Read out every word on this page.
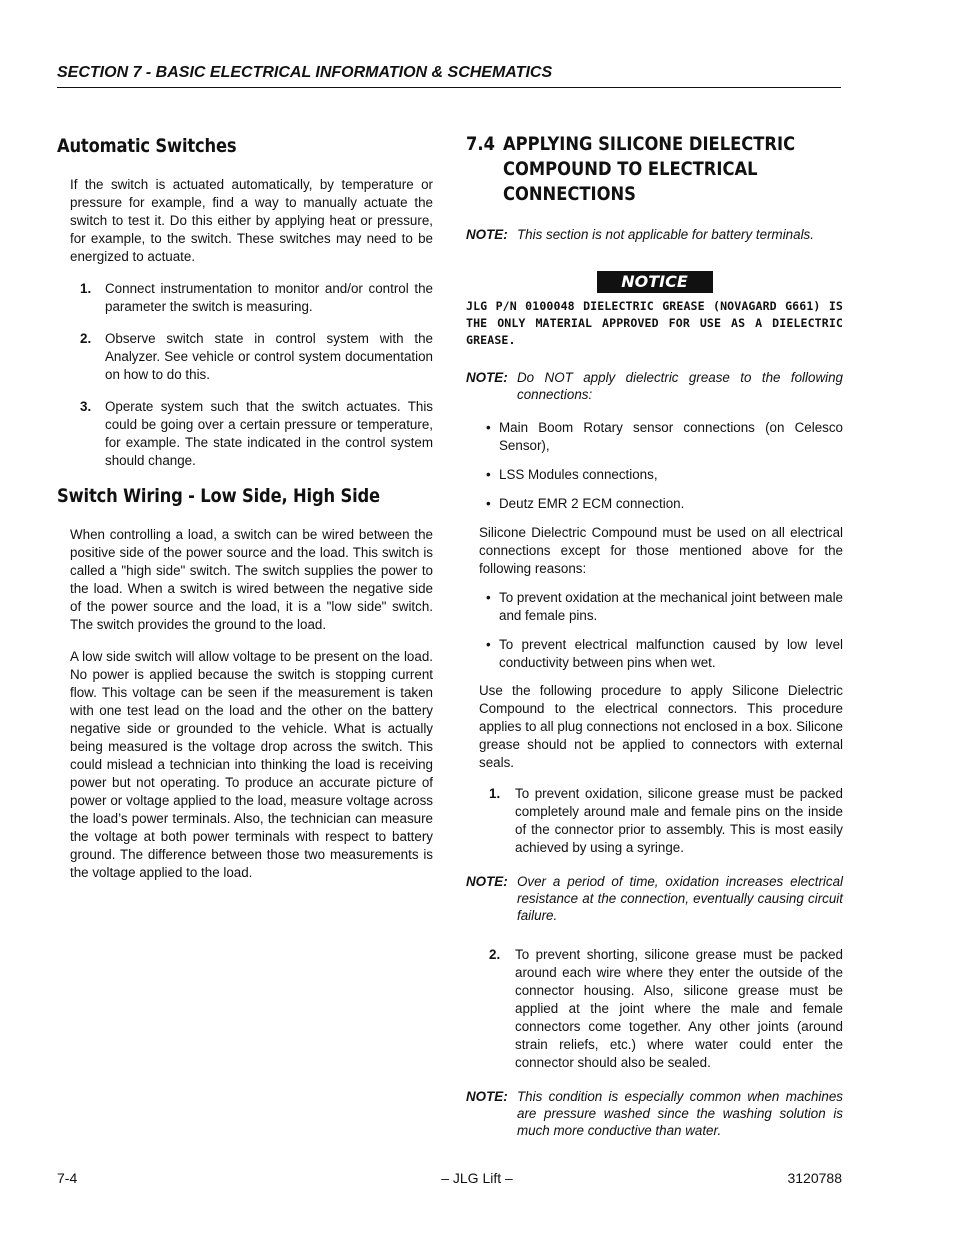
SECTION 7 - BASIC ELECTRICAL INFORMATION & SCHEMATICS
Automatic Switches

If the switch is actuated automatically, by temperature or pressure for example, find a way to manually actuate the switch to test it. Do this either by applying heat or pressure, for example, to the switch. These switches may need to be energized to actuate.

1. Connect instrumentation to monitor and/or control the parameter the switch is measuring.
2. Observe switch state in control system with the Analyzer. See vehicle or control system documentation on how to do this.
3. Operate system such that the switch actuates. This could be going over a certain pressure or temperature, for example. The state indicated in the control system should change.
Switch Wiring - Low Side, High Side

When controlling a load, a switch can be wired between the positive side of the power source and the load. This switch is called a "high side" switch. The switch supplies the power to the load. When a switch is wired between the negative side of the power source and the load, it is a "low side" switch. The switch provides the ground to the load.

A low side switch will allow voltage to be present on the load. No power is applied because the switch is stopping current flow. This voltage can be seen if the measurement is taken with one test lead on the load and the other on the battery negative side or grounded to the vehicle. What is actually being measured is the voltage drop across the switch. This could mislead a technician into thinking the load is receiving power but not operating. To produce an accurate picture of power or voltage applied to the load, measure voltage across the load’s power terminals. Also, the technician can measure the voltage at both power terminals with respect to battery ground. The difference between those two measurements is the voltage applied to the load.

7.4 APPLYING SILICONE DIELECTRIC
COMPOUND TO ELECTRICAL
CONNECTIONS
NOTE: This section is not applicable for battery terminals.
NOTICE
JLG P/N 0100048 DIELECTRIC GREASE (NOVAGARD G661) IS THE ONLY MATERIAL APPROVED FOR USE AS A DIELECTRIC GREASE.
NOTE: Do NOT apply dielectric grease to the following connections:
• Main Boom Rotary sensor connections (on Celesco Sensor),
• LSS Modules connections,
• Deutz EMR 2 ECM connection.

Silicone Dielectric Compound must be used on all electrical connections except for those mentioned above for the following reasons:

• To prevent oxidation at the mechanical joint between male and female pins.
• To prevent electrical malfunction caused by low level conductivity between pins when wet.

Use the following procedure to apply Silicone Dielectric Compound to the electrical connectors. This procedure applies to all plug connections not enclosed in a box. Silicone grease should not be applied to connectors with external seals.

1. To prevent oxidation, silicone grease must be packed completely around male and female pins on the inside of the connector prior to assembly. This is most easily achieved by using a syringe.
NOTE: Over a period of time, oxidation increases electrical resistance at the connection, eventually causing circuit failure.
2. To prevent shorting, silicone grease must be packed around each wire where they enter the outside of the connector housing. Also, silicone grease must be applied at the joint where the male and female connectors come together. Any other joints (around strain reliefs, etc.) where water could enter the connector should also be sealed.
NOTE: This condition is especially common when machines are pressure washed since the washing solution is much more conductive than water.
7-4	– JLG Lift –	3120788
